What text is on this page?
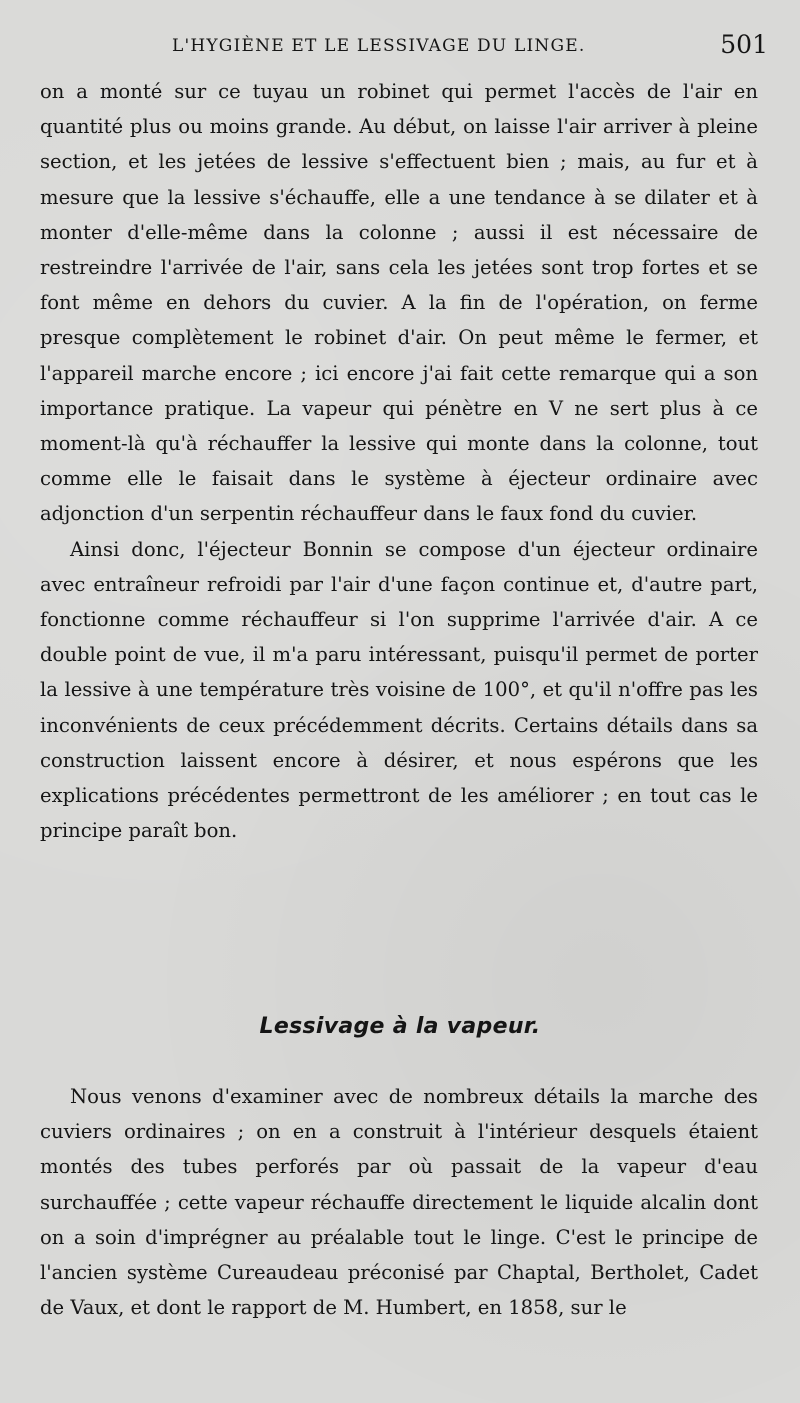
L'HYGIÈNE ET LE LESSIVAGE DU LINGE.	501

on a monté sur ce tuyau un robinet qui permet l'accès de l'air en quantité plus ou moins grande. Au début, on laisse l'air arriver à pleine section, et les jetées de lessive s'effectuent bien ; mais, au fur et à mesure que la lessive s'échauffe, elle a une tendance à se dilater et à monter d'elle-même dans la colonne ; aussi il est nécessaire de restreindre l'arrivée de l'air, sans cela les jetées sont trop fortes et se font même en dehors du cuvier. A la fin de l'opération, on ferme presque complètement le robinet d'air. On peut même le fermer, et l'appareil marche encore ; ici encore j'ai fait cette remarque qui a son importance pratique. La vapeur qui pénètre en V ne sert plus à ce moment-là qu'à réchauffer la lessive qui monte dans la colonne, tout comme elle le faisait dans le système à éjecteur ordinaire avec adjonction d'un serpentin réchauffeur dans le faux fond du cuvier.

Ainsi donc, l'éjecteur Bonnin se compose d'un éjecteur ordinaire avec entraîneur refroidi par l'air d'une façon continue et, d'autre part, fonctionne comme réchauffeur si l'on supprime l'arrivée d'air. A ce double point de vue, il m'a paru intéressant, puisqu'il permet de porter la lessive à une température très voisine de 100°, et qu'il n'offre pas les inconvénients de ceux précédemment décrits. Certains détails dans sa construction laissent encore à désirer, et nous espérons que les explications précédentes permettront de les améliorer ; en tout cas le principe paraît bon.

Lessivage à la vapeur.

Nous venons d'examiner avec de nombreux détails la marche des cuviers ordinaires ; on en a construit à l'intérieur desquels étaient montés des tubes perforés par où passait de la vapeur d'eau surchauffée ; cette vapeur réchauffe directement le liquide alcalin dont on a soin d'imprégner au préalable tout le linge. C'est le principe de l'ancien système Cureaudeau préconisé par Chaptal, Bertholet, Cadet de Vaux, et dont le rapport de M. Humbert, en 1858, sur le
